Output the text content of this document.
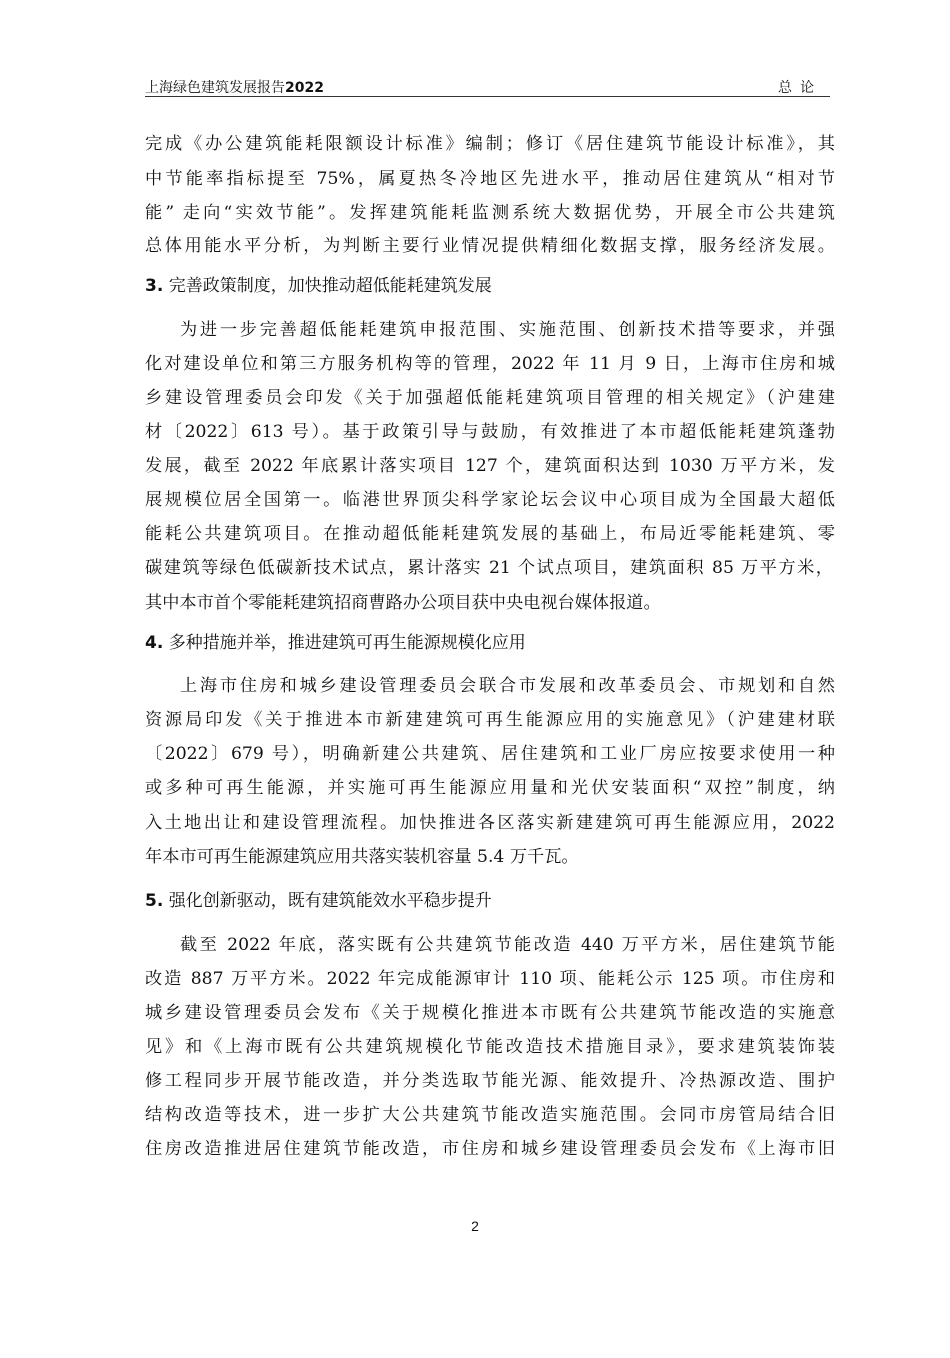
上海绿色建筑发展报告2022	总论
完成《办公建筑能耗限额设计标准》编制；修订《居住建筑节能设计标准》，其
中节能率指标提至 75%，属夏热冬冷地区先进水平，推动居住建筑从“相对节
能” 走向“实效节能”。发挥建筑能耗监测系统大数据优势，开展全市公共建筑
总体用能水平分析，为判断主要行业情况提供精细化数据支撑，服务经济发展。
3. 完善政策制度，加快推动超低能耗建筑发展
为进一步完善超低能耗建筑申报范围、实施范围、创新技术措等要求，并强
化对建设单位和第三方服务机构等的管理，2022 年 11 月 9 日，上海市住房和城
乡建设管理委员会印发《关于加强超低能耗建筑项目管理的相关规定》（沪建建
材〔2022〕613 号）。基于政策引导与鼓励，有效推进了本市超低能耗建筑蓬勃
发展，截至 2022 年底累计落实项目 127 个，建筑面积达到 1030 万平方米，发
展规模位居全国第一。临港世界顶尖科学家论坛会议中心项目成为全国最大超低
能耗公共建筑项目。在推动超低能耗建筑发展的基础上，布局近零能耗建筑、零
碳建筑等绿色低碳新技术试点，累计落实 21 个试点项目，建筑面积 85 万平方米，
其中本市首个零能耗建筑招商曹路办公项目获中央电视台媒体报道。
4. 多种措施并举，推进建筑可再生能源规模化应用
上海市住房和城乡建设管理委员会联合市发展和改革委员会、市规划和自然
资源局印发《关于推进本市新建建筑可再生能源应用的实施意见》（沪建建材联
〔2022〕679 号），明确新建公共建筑、居住建筑和工业厂房应按要求使用一种
或多种可再生能源，并实施可再生能源应用量和光伏安装面积“双控”制度，纳
入土地出让和建设管理流程。加快推进各区落实新建建筑可再生能源应用，2022
年本市可再生能源建筑应用共落实装机容量 5.4 万千瓦。
5. 强化创新驱动，既有建筑能效水平稳步提升
截至 2022 年底，落实既有公共建筑节能改造 440 万平方米，居住建筑节能
改造 887 万平方米。2022 年完成能源审计 110 项、能耗公示 125 项。市住房和
城乡建设管理委员会发布《关于规模化推进本市既有公共建筑节能改造的实施意
见》和《上海市既有公共建筑规模化节能改造技术措施目录》，要求建筑装饰装
修工程同步开展节能改造，并分类选取节能光源、能效提升、冷热源改造、围护
结构改造等技术，进一步扩大公共建筑节能改造实施范围。会同市房管局结合旧
住房改造推进居住建筑节能改造，市住房和城乡建设管理委员会发布《上海市旧
2
